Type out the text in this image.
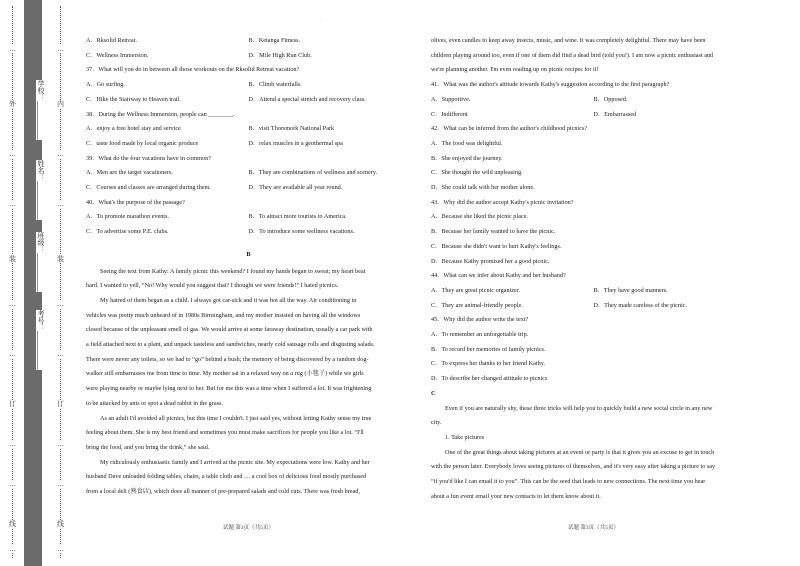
…
外
…
…
装
…
…
订
…
…
线
…
…
内
…
…
装
…
…
订
…
…
线
…
学校：___________
姓名：___________
班级：___________
考号：___________
·
A．Rksolid Retreat.	B．Ketanga Fitness.
C．Wellness Immersion.	D．Mile High Run Club.
37．What will you do in between all those workouts on the Rksolid Retreat vacation?
A．Go surfing.	B．Climb waterfalls.
C．Hike the Stairway to Heaven trail.	D．Attend a special stretch and recovery class.
38．During the Wellness Immersion, people can ________.
A．enjoy a free hotel stay and service	B．visit Thorsmork National Park
C．taste food made by local organic produce	D．relax muscles in a geothermal spa
39．What do the four vacations have in common?
A．Men are the target vacationers.	B．They are combinations of wellness and scenery.
C．Courses and classes are arranged during them.	D．They are available all year round.
40．What's the purpose of the passage?
A．To promote marathon events.	B．To attract more tourists to America.
C．To advertise some P.E. clubs.	D．To introduce some wellness vacations.
B
Seeing the text from Kathy: A family picnic this weekend? I found my hands began to sweat; my heart beat
hard. I wanted to yell, “No! Why would you suggest that? I thought we were friends!” I hated picnics.
My hatred of them began as a child. I always got car-sick and it was hot all the way. Air conditioning in
vehicles was pretty much unheard of in 1980s Birmingham, and my mother insisted on having all the windows
closed because of the unpleasant smell of gas. We would arrive at some faraway destination, usually a car park with
a field attached next to a plant, and unpack tasteless and sandwiches, nearly cold sausage rolls and disgusting salads.
There were never any toilets, so we had to “go” behind a bush; the memory of being discovered by a random dog-
walker still embarrasses me from time to time. My mother sat in a relaxed way on a rug (小毯子) while we girls
were playing nearby or maybe lying next to her. But for me this was a time when I suffered a lot. It was frightening
to be attacked by ants or spot a dead rabbit in the grass.
As an adult I'd avoided all picnics, but this time I couldn't. I just said yes, without letting Kathy sense my true
feeling about them. She is my best friend and sometimes you must make sacrifices for people you like a lot. “I'll
bring the food, and you bring the drink,” she said.
My ridiculously enthusiastic family and I arrived at the picnic site. My expectations were low. Kathy and her
husband Dave unloaded folding tables, chairs, a table cloth and … a cool box of delicious food mostly purchased
from a local deli (熟食店), which does all manner of pre-prepared salads and cold cuts. There was fresh bread,
试题 第3页（共5页）
olives, even candles to keep away insects, music, and wine. It was completely delightful. There may have been
children playing around too, even if one of them did find a dead bird (told you!). I am now a picnic enthusiast and
we're planning another. I'm even reading up on picnic recipes for it!
41．What was the author's attitude towards Kathy's suggestion according to the first paragraph?
A．Supportive.	B．Opposed.
C．Indifferent	D．Embarrassed
42．What can be inferred from the author's childhood picnics?
A．The food was delightful.
B．She enjoyed the journey.
C．She thought the wild unpleasing.
D．She could talk with her mother alone.
43．Why did the author accept Kathy's picnic invitation?
A．Because she liked the picnic place.
B．Because her family wanted to have the picnic.
C．Because she didn't want to hurt Kathy's feelings.
D．Because Kathy promised her a good picnic.
44．What can we infer about Kathy and her husband?
A．They are great picnic organizer.	B．They have good manners.
C．They are animal-friendly people.	D．They made careless of the picnic.
45．Why did the author write the text?
A．To remember an unforgettable trip.
B．To record her memories of family picnics.
C．To express her thanks to her friend Kathy.
D．To describe her changed attitude to picnics
C
Even if you are naturally shy, these three tricks will help you to quickly build a new social circle in any new
city.
1. Take pictures
One of the great things about taking pictures at an event or party is that it gives you an excuse to get in touch
with the person later. Everybody loves seeing pictures of themselves, and it's very easy after taking a picture to say
“if you'd like I can email it to you”. This can be the seed that leads to new connections. The next time you hear
about a fun event email your new contacts to let them know about it.
试题 第3页（共5页）
